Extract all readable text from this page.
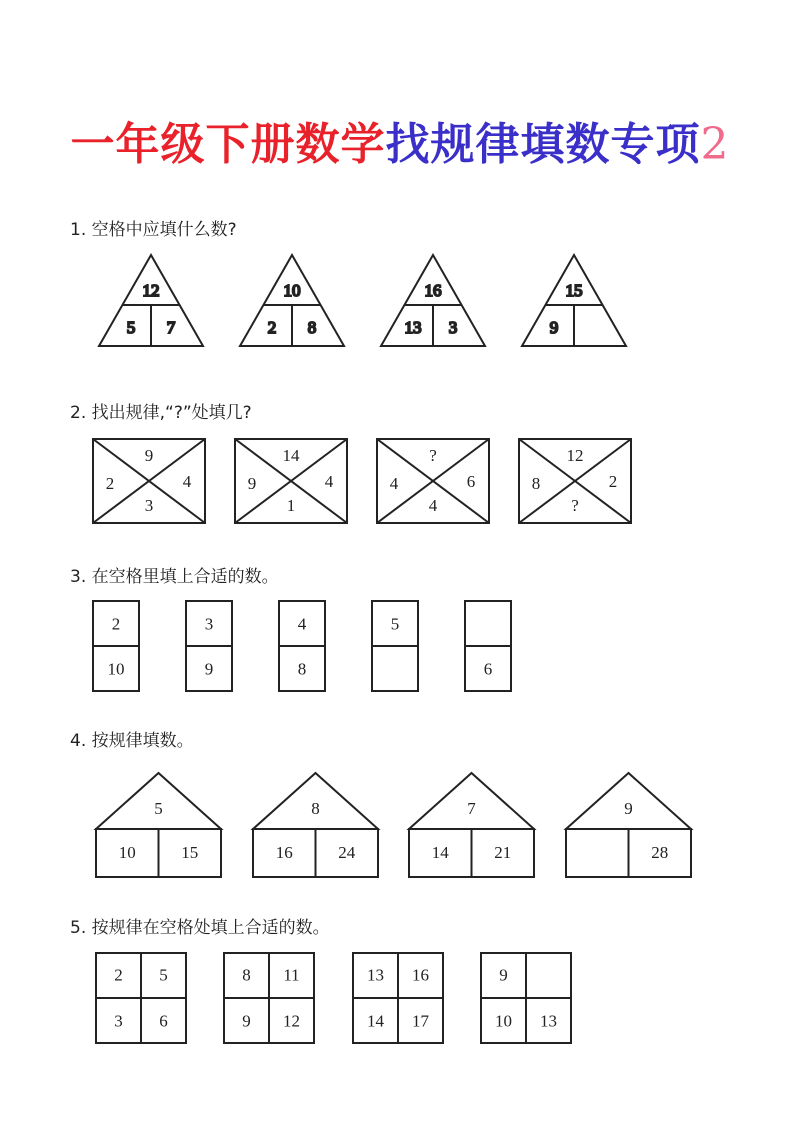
一年级下册数学找规律填数专项2
1. 空格中应填什么数?
12
5 7
10
2 8
16
13 3
15
9
2. 找出规律,“?”处填几?
9
2	4
3
14
9	4
1
?
4	6
4
12
8	2
?
3. 在空格里填上合适的数。
2
10
3
9
4
8
5
6
4. 按规律填数。
5
10	15
8
16	24
7
14	21
9
28
5. 按规律在空格处填上合适的数。
2 5
3 6
8 11
9 12
13 16
14 17
9
10 13
